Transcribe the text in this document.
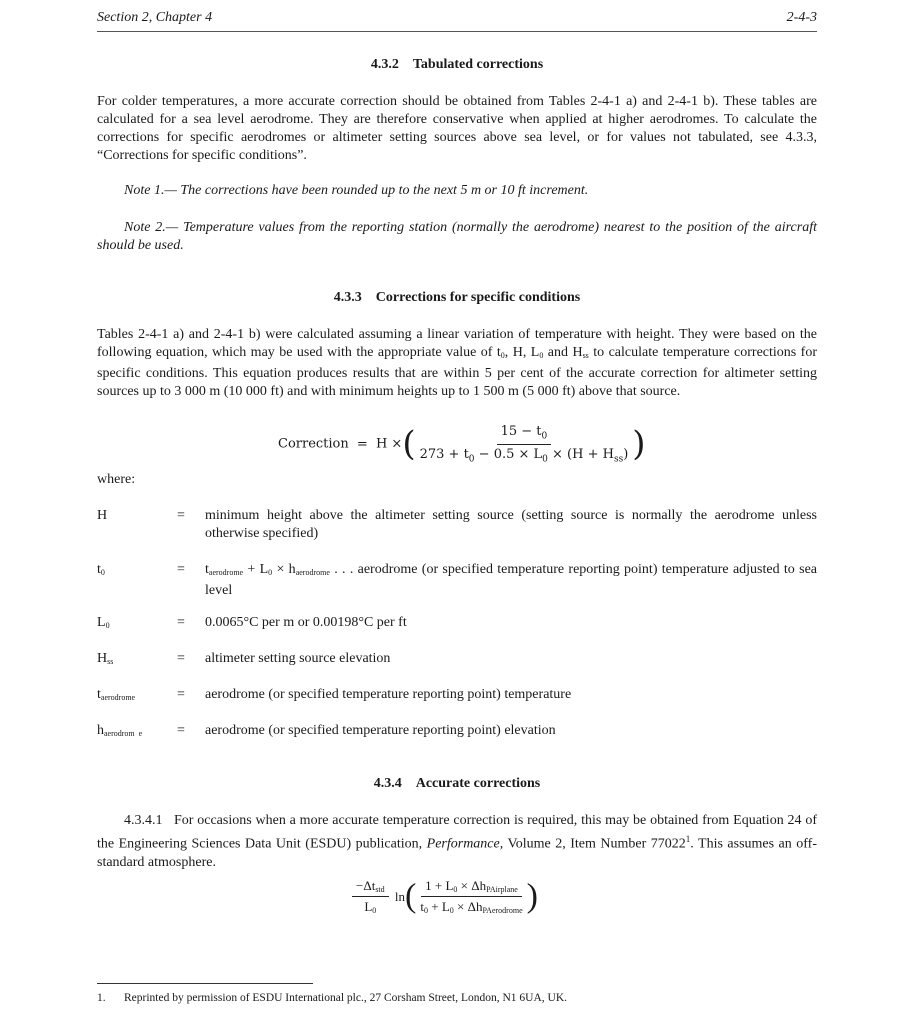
Section 2, Chapter 4	2-4-3
4.3.2 Tabulated corrections
For colder temperatures, a more accurate correction should be obtained from Tables 2-4-1 a) and 2-4-1 b). These tables are calculated for a sea level aerodrome. They are therefore conservative when applied at higher aerodromes. To calculate the corrections for specific aerodromes or altimeter setting sources above sea level, or for values not tabulated, see 4.3.3, “Corrections for specific conditions”.
Note 1.— The corrections have been rounded up to the next 5 m or 10 ft increment.
Note 2.— Temperature values from the reporting station (normally the aerodrome) nearest to the position of the aircraft should be used.
4.3.3 Corrections for specific conditions
Tables 2-4-1 a) and 2-4-1 b) were calculated assuming a linear variation of temperature with height. They were based on the following equation, which may be used with the appropriate value of $t_0$, H, $L_0$ and $H_{ss}$ to calculate temperature corrections for specific conditions. This equation produces results that are within 5 per cent of the accurate correction for altimeter setting sources up to 3 000 m (10 000 ft) and with minimum heights up to 1 500 m (5 000 ft) above that source.
Correction = H ×( $\frac{15 - t_0}{273 + t_0 - 0.5 \times L_0 \times (H + H_{ss})}$ )
where:
H	= minimum height above the altimeter setting source (setting source is normally the aerodrome unless otherwise specified)
$t_0$	= $t_{aerodrome} + L_0 \times h_{aerodrome}$ . . . aerodrome (or specified temperature reporting point) temperature adjusted to sea level
$L_0$	= 0.0065°C per m or 0.00198°C per ft
$H_{ss}$	= altimeter setting source elevation
$t_{aerodrome}$	= aerodrome (or specified temperature reporting point) temperature
$h_{aerodrom e}$ = aerodrome (or specified temperature reporting point) elevation
4.3.4 Accurate corrections
4.3.4.1 For occasions when a more accurate temperature correction is required, this may be obtained from Equation 24 of the Engineering Sciences Data Unit (ESDU) publication, Performance, Volume 2, Item Number 77022$^1$. This assumes an off-standard atmosphere.
$\frac{-\Delta t_{std}}{L_0} \ln( \frac{1 + L_0 \times \Delta h_{PAirplane}}{t_0 + L_0 \times \Delta h_{PAerodrome}}$ )
1. Reprinted by permission of ESDU International plc., 27 Corsham Street, London, N1 6UA, UK.
